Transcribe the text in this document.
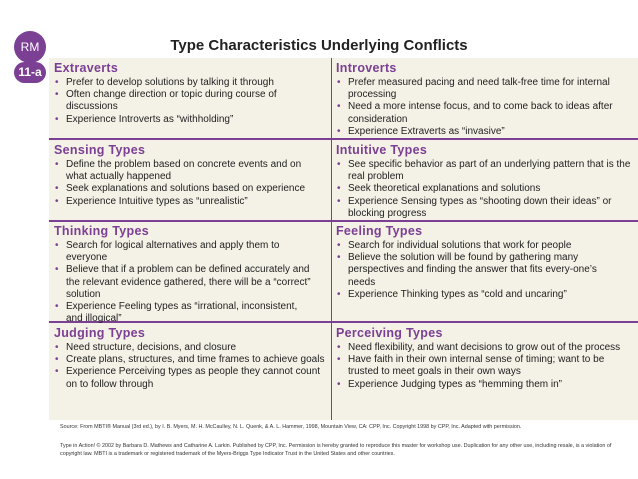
RM
11-a
Type Characteristics Underlying Conflicts
Extraverts
• Prefer to develop solutions by talking it through
• Often change direction or topic during course of discussions
• Experience Introverts as “withholding”
Introverts
• Prefer measured pacing and need talk-free time for internal processing
• Need a more intense focus, and to come back to ideas after consideration
• Experience Extraverts as “invasive”
Sensing Types
• Define the problem based on concrete events and on what actually happened
• Seek explanations and solutions based on experience
• Experience Intuitive types as “unrealistic”
Intuitive Types
• See specific behavior as part of an underlying pattern that is the real problem
• Seek theoretical explanations and solutions
• Experience Sensing types as “shooting down their ideas” or blocking progress
Thinking Types
• Search for logical alternatives and apply them to everyone
• Believe that if a problem can be defined accurately and the relevant evidence gathered, there will be a “correct” solution
• Experience Feeling types as “irrational, inconsistent, and illogical”
Feeling Types
• Search for individual solutions that work for people
• Believe the solution will be found by gathering many perspectives and finding the answer that fits every-one’s needs
• Experience Thinking types as “cold and uncaring”
Judging Types
• Need structure, decisions, and closure
• Create plans, structures, and time frames to achieve goals
• Experience Perceiving types as people they cannot count on to follow through
Perceiving Types
• Need flexibility, and want decisions to grow out of the process
• Have faith in their own internal sense of timing; want to be trusted to meet goals in their own ways
• Experience Judging types as “hemming them in”
Source: From MBTI® Manual (3rd ed.), by I. B. Myers, M. H. McCaulley, N. L. Quenk, & A. L. Hammer, 1998, Mountain View, CA: CPP, Inc. Copyright 1998 by CPP, Inc. Adapted with permission.
Type in Action! © 2002 by Barbara D. Mathews and Catharine A. Larkin. Published by CPP, Inc. Permission is hereby granted to reproduce this master for workshop use. Duplication for any other use, including resale, is a violation of copyright law. MBTI is a trademark or registered trademark of the Myers-Briggs Type Indicator Trust in the United States and other countries.
